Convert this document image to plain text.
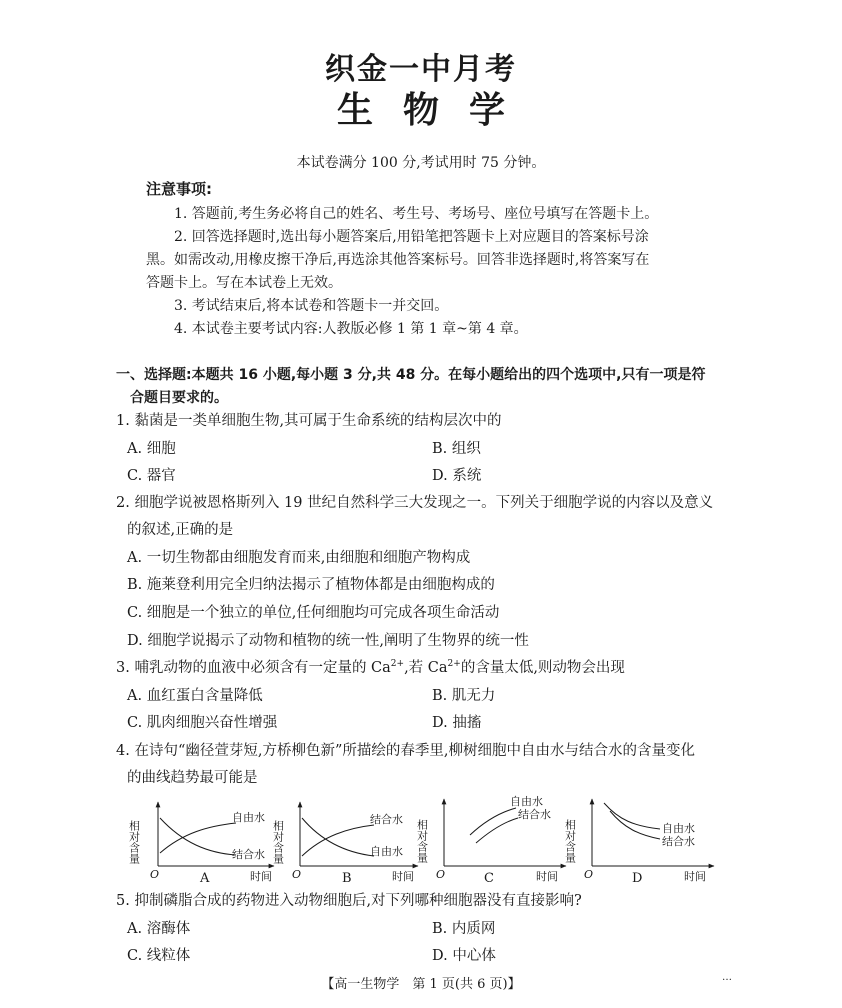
织金一中月考
生物学
本试卷满分 100 分,考试用时 75 分钟。
注意事项:
1. 答题前,考生务必将自己的姓名、考生号、考场号、座位号填写在答题卡上。
2. 回答选择题时,选出每小题答案后,用铅笔把答题卡上对应题目的答案标号涂
黑。如需改动,用橡皮擦干净后,再选涂其他答案标号。回答非选择题时,将答案写在
答题卡上。写在本试卷上无效。
3. 考试结束后,将本试卷和答题卡一并交回。
4. 本试卷主要考试内容:人教版必修 1 第 1 章~第 4 章。
一、选择题:本题共 16 小题,每小题 3 分,共 48 分。在每小题给出的四个选项中,只有一项是符
合题目要求的。
1. 黏菌是一类单细胞生物,其可属于生命系统的结构层次中的
A. 细胞	B. 组织
C. 器官	D. 系统
2. 细胞学说被恩格斯列入 19 世纪自然科学三大发现之一。下列关于细胞学说的内容以及意义
的叙述,正确的是
A. 一切生物都由细胞发育而来,由细胞和细胞产物构成
B. 施莱登利用完全归纳法揭示了植物体都是由细胞构成的
C. 细胞是一个独立的单位,任何细胞均可完成各项生命活动
D. 细胞学说揭示了动物和植物的统一性,阐明了生物界的统一性
3. 哺乳动物的血液中必须含有一定量的 $Ca^{2+}$,若 $Ca^{2+}$的含量太低,则动物会出现
A. 血红蛋白含量降低	B. 肌无力
C. 肌肉细胞兴奋性增强	D. 抽搐
4. 在诗句“幽径萱芽短,方桥柳色新”所描绘的春季里,柳树细胞中自由水与结合水的含量变化
的曲线趋势最可能是
相对含量
时间
O
自由水
结合水
A
相对含量
时间
O
结合水
自由水
B
相对含量
时间
O
自由水
结合水
C
相对含量
时间
O
自由水
结合水
D
5. 抑制磷脂合成的药物进入动物细胞后,对下列哪种细胞器没有直接影响?
A. 溶酶体	B. 内质网
C. 线粒体	D. 中心体
【高一生物学　第 1 页(共 6 页)】	…
